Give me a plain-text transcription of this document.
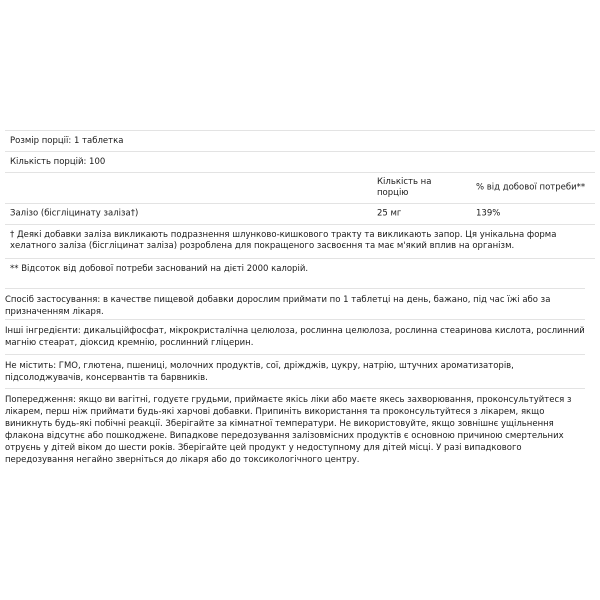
Розмір порції: 1 таблетка
Кількість порцій: 100
Кількість на порцію
% від добової потреби**
Залізо (бісгліцинату заліза†)	25 мг	139%
† Деякі добавки заліза викликають подразнення шлунково-кишкового тракту та викликають запор. Ця унікальна форма хелатного заліза (бісгліцинат заліза) розроблена для покращеного засвоєння та має м'який вплив на організм.
** Відсоток від добової потреби засновaний на дієті 2000 калорій.
Спосіб застосування: в качестве пищевой добавки дорослим приймати по 1 таблетці на день, бажано, під час їжі або за призначенням лікаря.
Інші інгредієнти: дикальційфосфат, мікрокристалічна целюлоза, рослинна целюлоза, рослинна стеаринова кислота, рослинний магнію стеарат, діоксид кремнію, рослинний гліцерин.
Не містить: ГМО, глютена, пшениці, молочних продуктів, сої, дріжджів, цукру, натрію, штучних ароматизаторів, підсолоджувачів, консервантів та барвників.
Попередження: якщо ви вагітні, годуєте грудьми, приймаєте якісь ліки або маєте якесь захворювання, проконсультуйтеся з лікарем, перш ніж приймати будь-які харчові добавки. Припиніть використання та проконсультуйтеся з лікарем, якщо виникнуть будь-які побічні реакції. Зберігайте за кімнатної температури. Не використовуйте, якщо зовнішнє ущільнення флакона відсутнє або пошкоджене. Випадкове передозування залізовмісних продуктів є основною причиною смертельних отруєнь у дітей віком до шести років. Зберігайте цей продукт у недоступному для дітей місці. У разі випадкового передозування негайно зверніться до лікаря або до токсикологічного центру.
